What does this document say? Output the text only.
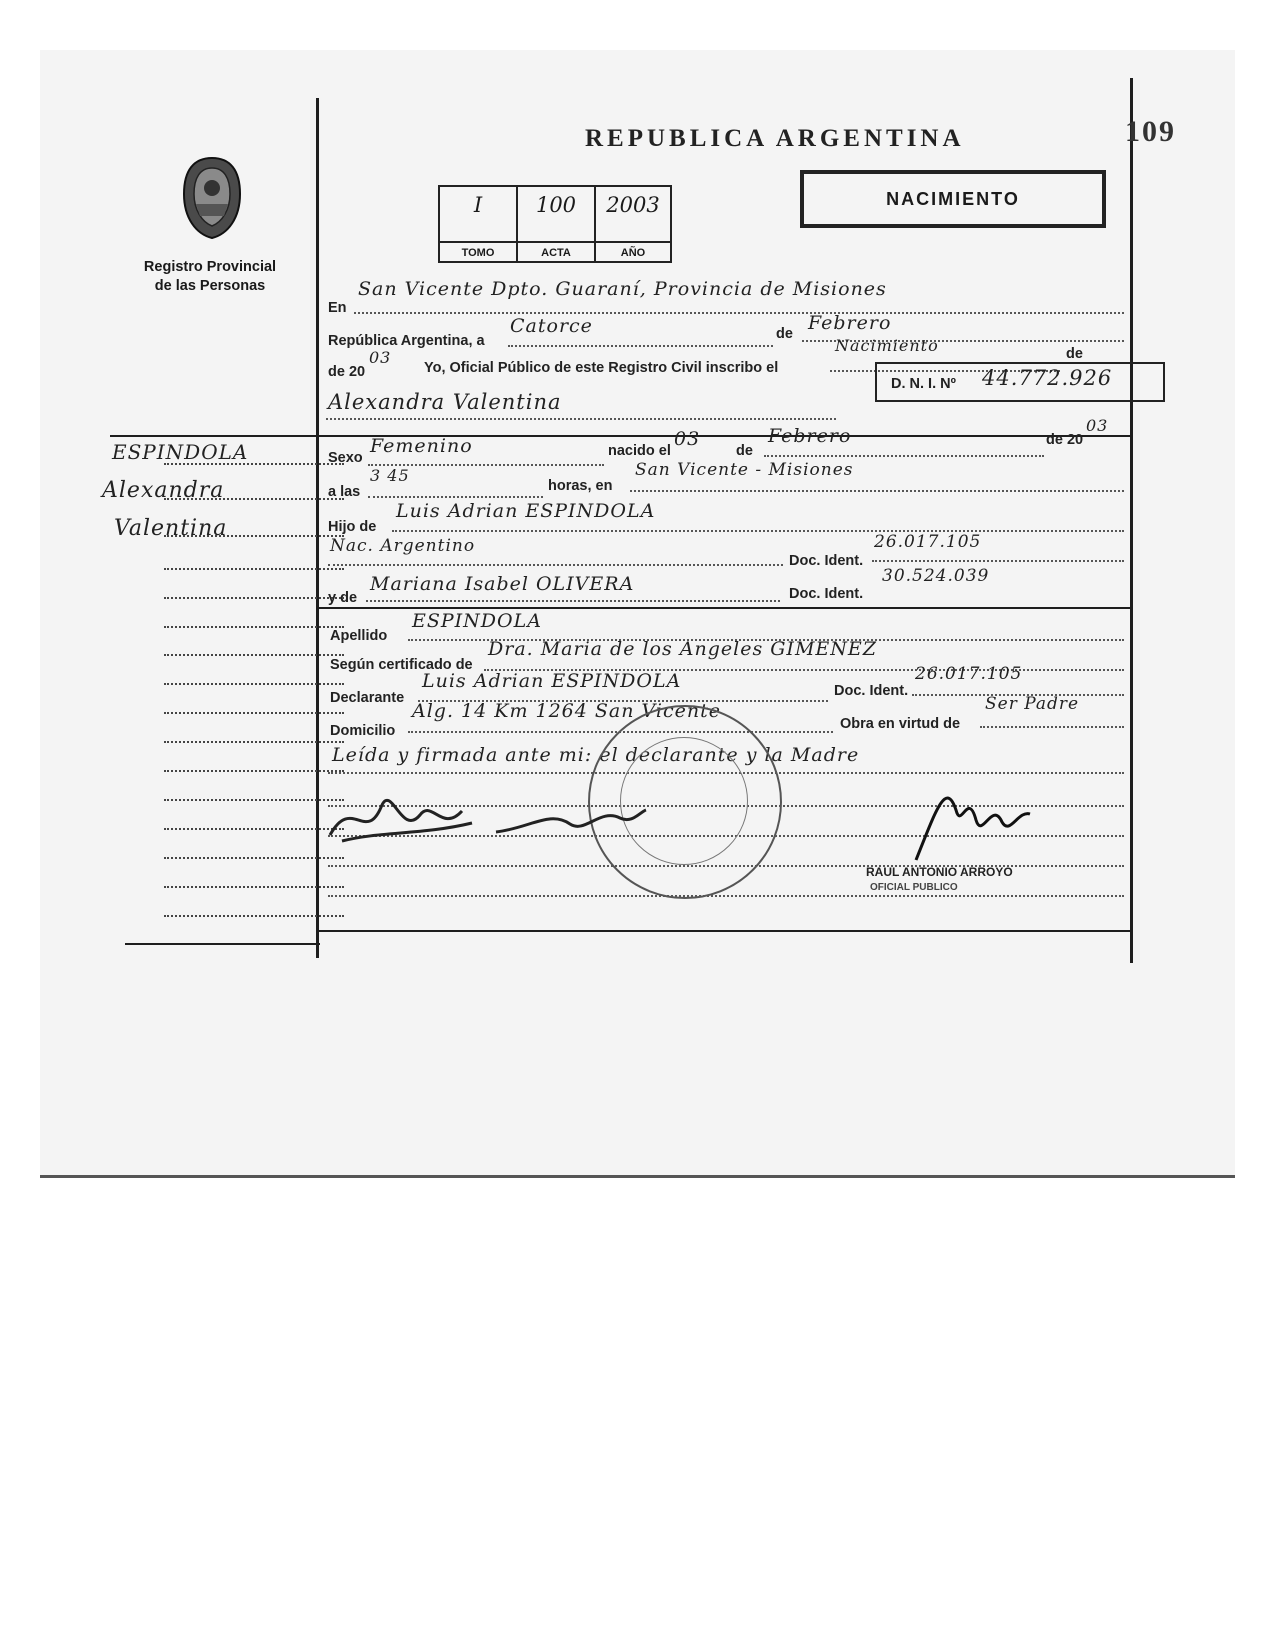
REPUBLICA ARGENTINA	109
NACIMIENTO
Registro Provincial
de las Personas
I
TOMO
100
ACTA
2003
AÑO
En
San Vicente Dpto. Guaraní, Provincia de Misiones
República Argentina, a
Catorce	de Febrero
de 20
03
Yo, Oficial Público de este Registro Civil inscribo el
Nacimiento	de
Alexandra Valentina
D. N. I. Nº 44.772.926
Sexo
Femenino	nacido el
03
de
Febrero	de 20
03
a las
3 45
horas, en
San Vicente - Misiones
Hijo de
Luis Adrian ESPINDOLA
Nac. Argentino
Doc. Ident.
26.017.105
y de
Mariana Isabel OLIVERA	Doc. Ident.
30.524.039
Apellido
ESPINDOLA
Según certificado de
Dra. Maria de los Angeles GIMENEZ
Declarante
Luis Adrian ESPINDOLA	Doc. Ident.
26.017.105
Domicilio
Alg. 14 Km 1264 San Vicente
Obra en virtud de
Ser Padre
Leída y firmada ante mi: el declarante y la Madre
ESPINDOLA
Alexandra
Valentina
RAUL ANTONIO ARROYO
OFICIAL PUBLICO
